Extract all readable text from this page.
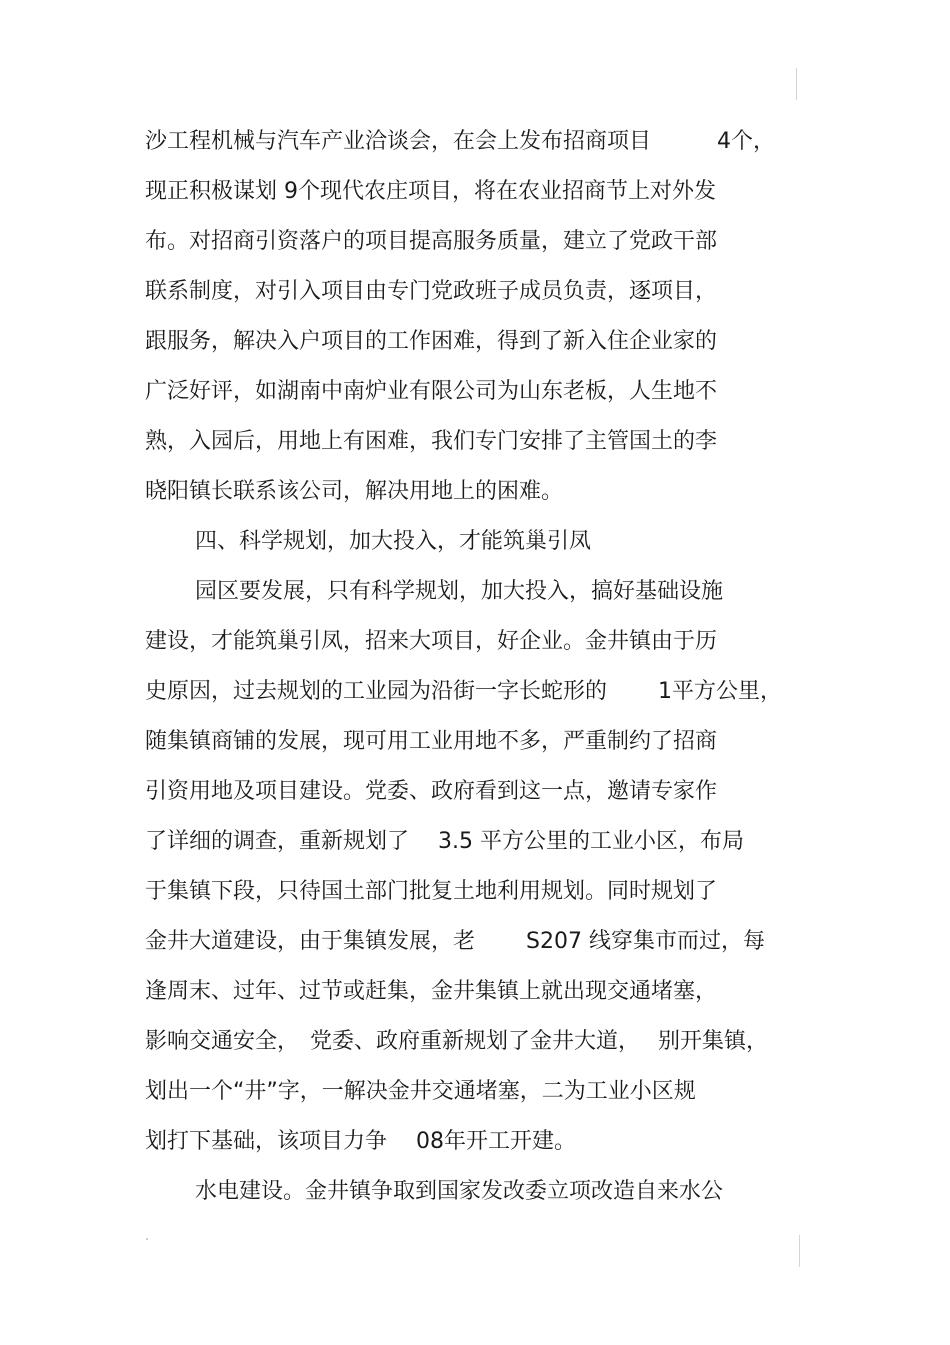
沙工程机械与汽车产业洽谈会，在会上发布招商项目　　　4个，
现正积极谋划 9个现代农庄项目，将在农业招商节上对外发
布。对招商引资落户的项目提高服务质量，建立了党政干部
联系制度，对引入项目由专门党政班子成员负责，逐项目，
跟服务，解决入户项目的工作困难，得到了新入住企业家的
广泛好评，如湖南中南炉业有限公司为山东老板，人生地不
熟，入园后，用地上有困难，我们专门安排了主管国土的李
晓阳镇长联系该公司，解决用地上的困难。
四、科学规划，加大投入，才能筑巢引凤
园区要发展，只有科学规划，加大投入，搞好基础设施
建设，才能筑巢引凤，招来大项目，好企业。金井镇由于历
史原因，过去规划的工业园为沿街一字长蛇形的　　 1平方公里，
随集镇商铺的发展，现可用工业用地不多，严重制约了招商
引资用地及项目建设。党委、政府看到这一点，邀请专家作
了详细的调查，重新规划了　 3.5 平方公里的工业小区，布局
于集镇下段，只待国土部门批复土地利用规划。同时规划了
金井大道建设，由于集镇发展，老　　 S207 线穿集市而过，每
逢周末、过年、过节或赶集，金井集镇上就出现交通堵塞，
影响交通安全，　党委、政府重新规划了金井大道，　 别开集镇，
划出一个“井”字，一解决金井交通堵塞，二为工业小区规
划打下基础，该项目力争　 08年开工开建。
水电建设。金井镇争取到国家发改委立项改造自来水公
